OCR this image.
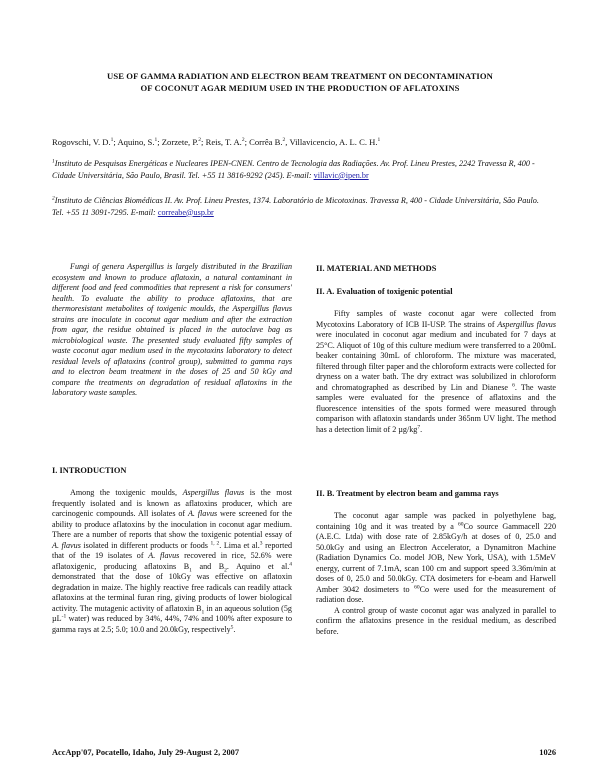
USE OF GAMMA RADIATION AND ELECTRON BEAM TREATMENT ON DECONTAMINATION
OF COCONUT AGAR MEDIUM USED IN THE PRODUCTION OF AFLATOXINS
Rogovschi, V. D.$^1$; Aquino, S.$^1$; Zorzete, P.$^2$; Reis, T. A.$^2$; Corrêa B.$^2$, Villavicencio, A. L. C. H.$^1$
$^1$Instituto de Pesquisas Energéticas e Nucleares IPEN-CNEN. Centro de Tecnologia das Radiações. Av. Prof. Lineu Prestes, 2242 Travessa R, 400 - Cidade Universitária, São Paulo, Brasil. Tel. +55 11 3816-9292 (245). E-mail: villavic@ipen.br
$^2$Instituto de Ciências Biomédicas II. Av. Prof. Lineu Prestes, 1374. Laboratório de Micotoxinas. Travessa R, 400 - Cidade Universitária, São Paulo. Tel. +55 11 3091-7295. E-mail: correabe@usp.br
Fungi of genera Aspergillus is largely distributed in the Brazilian ecosystem and known to produce aflatoxin, a natural contaminant in different food and feed commodities that represent a risk for consumers' health. To evaluate the ability to produce aflatoxins, that are thermoresistant metabolites of toxigenic moulds, the Aspergillus flavus strains are inoculate in coconut agar medium and after the extraction from agar, the residue obtained is placed in the autoclave bag as microbiological waste. The presented study evaluated fifty samples of waste coconut agar medium used in the mycotoxins laboratory to detect residual levels of aflatoxins (control group), submitted to gamma rays and to electron beam treatment in the doses of 25 and 50 kGy and compare the treatments on degradation of residual aflatoxins in the laboratory waste samples.
I. INTRODUCTION

Among the toxigenic moulds, Aspergillus flavus is the most frequently isolated and is known as aflatoxins producer, which are carcinogenic compounds. All isolates of A. flavus were screened for the ability to produce aflatoxins by the inoculation in coconut agar medium. There are a number of reports that show the toxigenic potential essay of A. flavus isolated in different products or foods $^{1, 2}$. Lima et al.$^3$ reported that of the 19 isolates of A. flavus recovered in rice, 52.6% were aflatoxigenic, producing aflatoxins $B_1$ and $B_2$. Aquino et al.$^4$ demonstrated that the dose of 10kGy was effective on aflatoxin degradation in maize. The highly reactive free radicals can readily attack aflatoxins at the terminal furan ring, giving products of lower biological activity. The mutagenic activity of aflatoxin $B_1$ in an aqueous solution (5g µL$^{-1}$ water) was reduced by 34%, 44%, 74% and 100% after exposure to gamma rays at 2.5; 5.0; 10.0 and 20.0kGy, respectively$^5$.

II. MATERIAL AND METHODS
II. A. Evaluation of toxigenic potential

Fifty samples of waste coconut agar were collected from Mycotoxins Laboratory of ICB II-USP. The strains of Aspergillus flavus were inoculated in coconut agar medium and incubated for 7 days at 25°C. Aliquot of 10g of this culture medium were transferred to a 200mL beaker containing 30mL of chloroform. The mixture was macerated, filtered through filter paper and the chloroform extracts were collected for dryness on a water bath. The dry extract was solubilized in chloroform and chromatographed as described by Lin and Dianese $^6$. The waste samples were evaluated for the presence of aflatoxins and the fluorescence intensities of the spots formed were measured through comparison with aflatoxin standards under 365nm UV light. The method has a detection limit of 2 $\mu g/kg^7$.

II. B. Treatment by electron beam and gamma rays

The coconut agar sample was packed in polyethylene bag, containing 10g and it was treated by a $^{60}$Co source Gammacell 220 (A.E.C. Ltda) with dose rate of 2.85kGy/h at doses of 0, 25.0 and 50.0kGy and using an Electron Accelerator, a Dynamitron Machine (Radiation Dynamics Co. model JOB, New York, USA), with 1.5MeV energy, current of 7.1mA, scan 100 cm and support speed 3.36m/min at doses of 0, 25.0 and 50.0kGy. CTA dosimeters for e-beam and Harwell Amber 3042 dosimeters to $^{60}$Co were used for the measurement of radiation dose.

A control group of waste coconut agar was analyzed in parallel to confirm the aflatoxins presence in the residual medium, as described before.

AccApp'07, Pocatello, Idaho, July 29-August 2, 2007	1026
